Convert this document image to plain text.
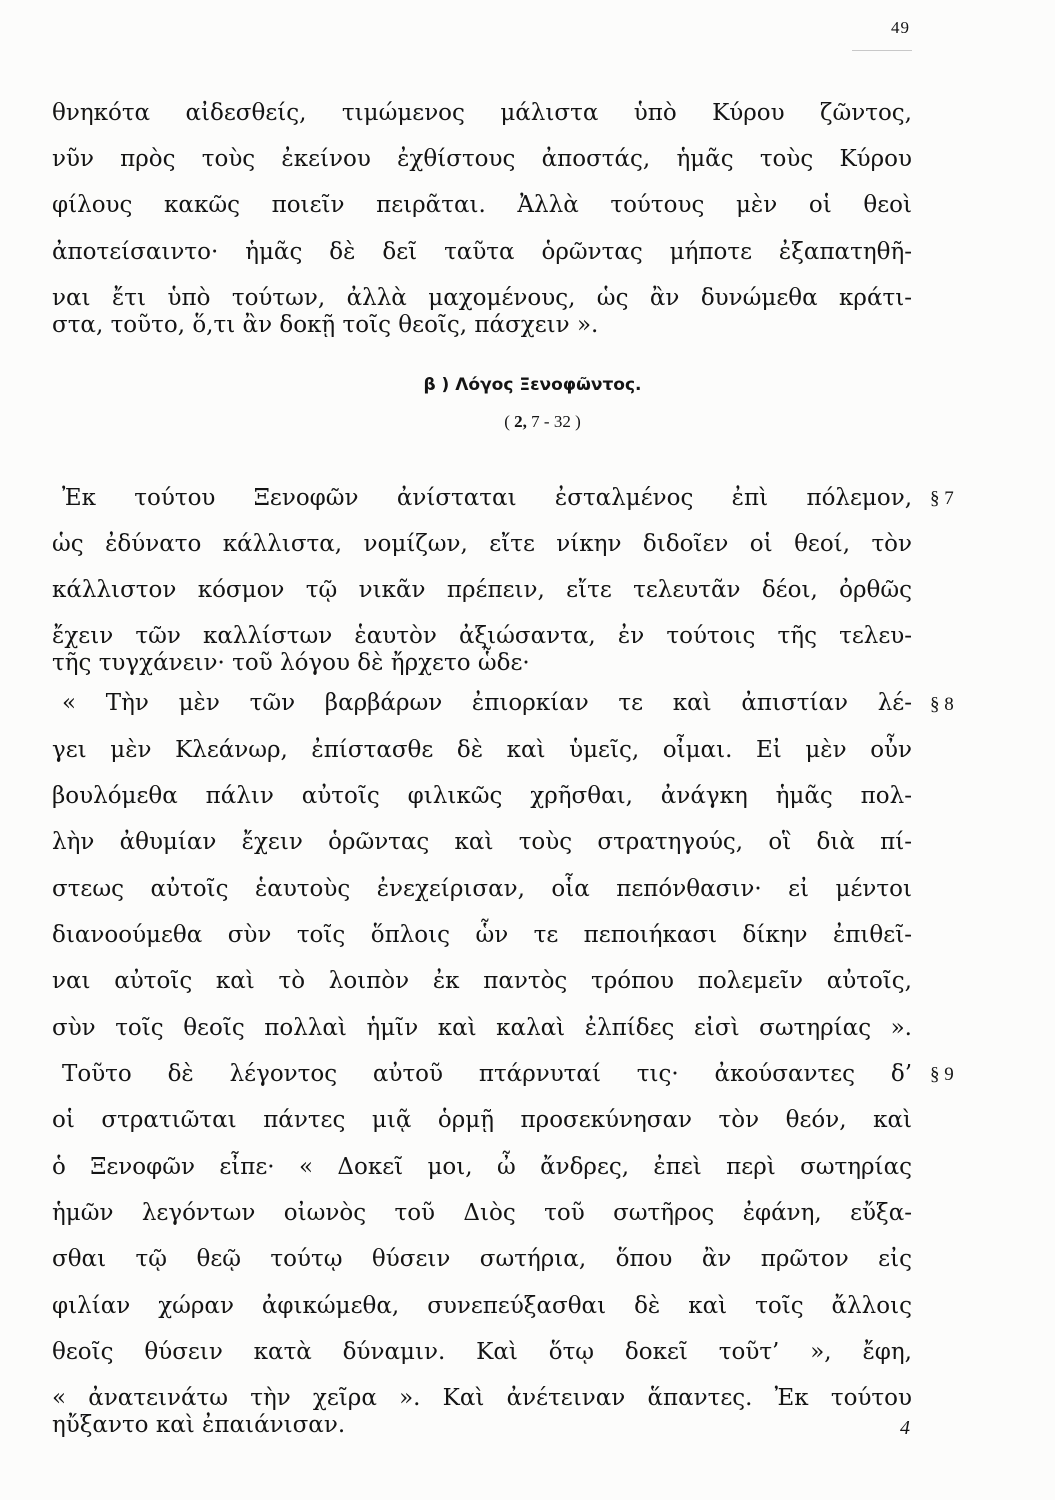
49
θνηκότα αἰδεσθείς, τιμώμενος μάλιστα ὑπὸ Κύρου ζῶντος,
νῦν πρὸς τοὺς ἐκείνου ἐχθίστους ἀποστάς, ἡμᾶς τοὺς Κύρου
φίλους κακῶς ποιεῖν πειρᾶται. Ἀλλὰ τούτους μὲν οἱ θεοὶ
ἀποτείσαιντο· ἡμᾶς δὲ δεῖ ταῦτα ὁρῶντας μήποτε ἐξαπατηθῆ-
ναι ἔτι ὑπὸ τούτων, ἀλλὰ μαχομένους, ὡς ἂν δυνώμεθα κράτι-
στα, τοῦτο, ὅ,τι ἂν δοκῇ τοῖς θεοῖς, πάσχειν ».
β ) Λόγος Ξενοφῶντος.
( 2, 7 - 32 )
Ἐκ τούτου Ξενοφῶν ἀνίσταται ἐσταλμένος ἐπὶ πόλεμον,
ὡς ἐδύνατο κάλλιστα, νομίζων, εἴτε νίκην διδοῖεν οἱ θεοί, τὸν
κάλλιστον κόσμον τῷ νικᾶν πρέπειν, εἴτε τελευτᾶν δέοι, ὀρθῶς
ἔχειν τῶν καλλίστων ἑαυτὸν ἀξιώσαντα, ἐν τούτοις τῆς τελευ-
τῆς τυγχάνειν· τοῦ λόγου δὲ ἤρχετο ὧδε·
« Τὴν μὲν τῶν βαρβάρων ἐπιορκίαν τε καὶ ἀπιστίαν λέ-
γει μὲν Κλεάνωρ, ἐπίστασθε δὲ καὶ ὑμεῖς, οἶμαι. Εἰ μὲν οὖν
βουλόμεθα πάλιν αὐτοῖς φιλικῶς χρῆσθαι, ἀνάγκη ἡμᾶς πολ-
λὴν ἀθυμίαν ἔχειν ὁρῶντας καὶ τοὺς στρατηγούς, οἳ διὰ πί-
στεως αὐτοῖς ἑαυτοὺς ἐνεχείρισαν, οἷα πεπόνθασιν· εἰ μέντοι
διανοούμεθα σὺν τοῖς ὅπλοις ὧν τε πεποιήκασι δίκην ἐπιθεῖ-
ναι αὐτοῖς καὶ τὸ λοιπὸν ἐκ παντὸς τρόπου πολεμεῖν αὐτοῖς,
σὺν τοῖς θεοῖς πολλαὶ ἡμῖν καὶ καλαὶ ἐλπίδες εἰσὶ σωτηρίας ».
Τοῦτο δὲ λέγοντος αὐτοῦ πτάρνυταί τις· ἀκούσαντες δ’
οἱ στρατιῶται πάντες μιᾷ ὁρμῇ προσεκύνησαν τὸν θεόν, καὶ
ὁ Ξενοφῶν εἶπε· « Δοκεῖ μοι, ὦ ἄνδρες, ἐπεὶ περὶ σωτηρίας
ἡμῶν λεγόντων οἰωνὸς τοῦ Διὸς τοῦ σωτῆρος ἐφάνη, εὔξα-
σθαι τῷ θεῷ τούτῳ θύσειν σωτήρια, ὅπου ἂν πρῶτον εἰς
φιλίαν χώραν ἀφικώμεθα, συνεπεύξασθαι δὲ καὶ τοῖς ἄλλοις
θεοῖς θύσειν κατὰ δύναμιν. Καὶ ὅτῳ δοκεῖ τοῦτ’ », ἔφη,
« ἀνατεινάτω τὴν χεῖρα ». Καὶ ἀνέτειναν ἅπαντες. Ἐκ τούτου
ηὔξαντο καὶ ἐπαιάνισαν.
§ 7
§ 8
§ 9
4
